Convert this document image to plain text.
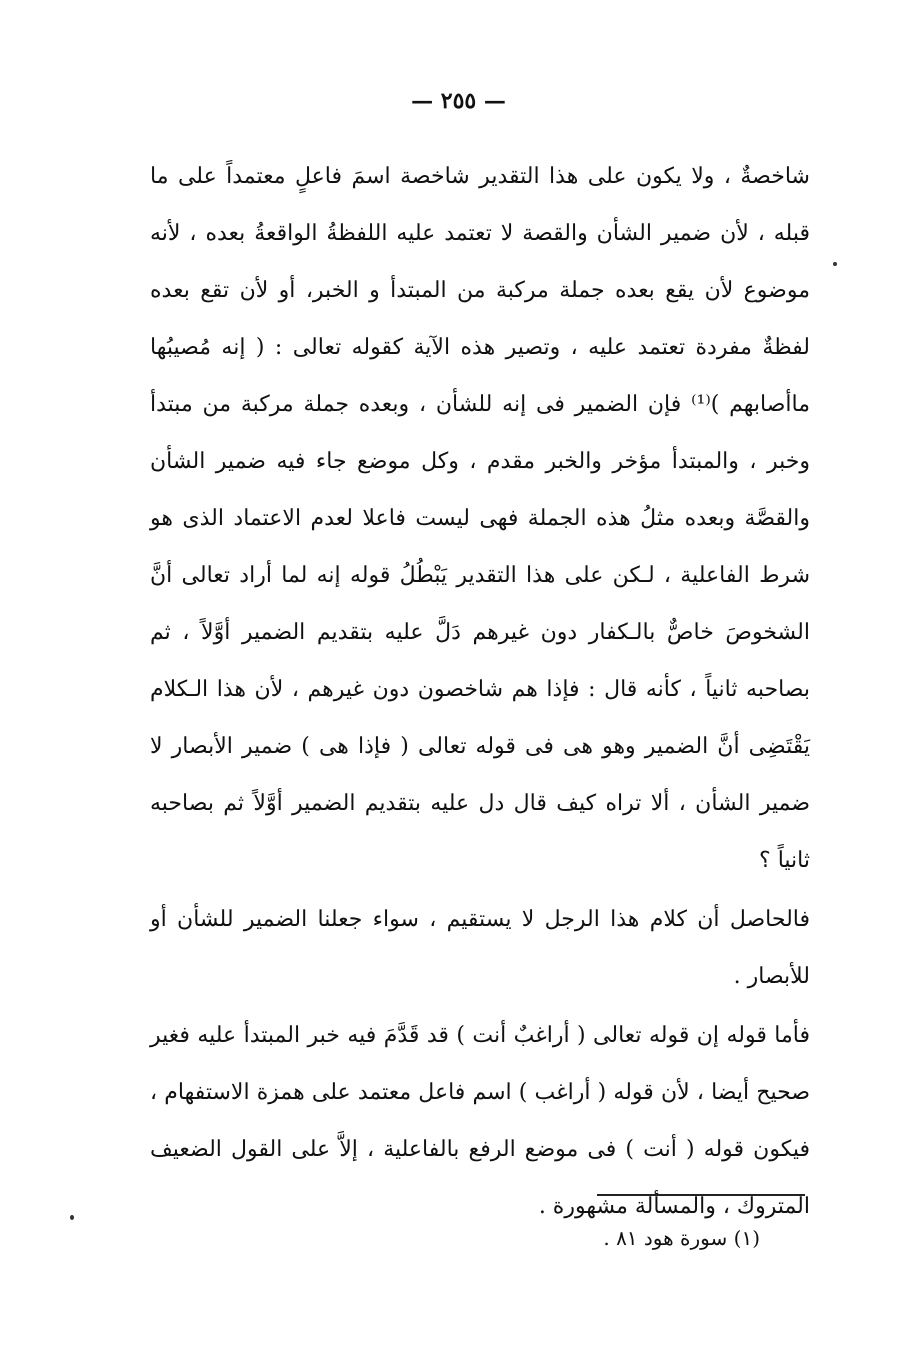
— ٢٥٥ —

شاخصةٌ ، ولا يكون على هذا التقدير شاخصة اسمَ فاعلٍ معتمداً على ما قبله ، لأن ضمير الشأن والقصة لا تعتمد عليه اللفظةُ الواقعةُ بعده ، لأنه موضوع لأن يقع بعده جملة مركبة من المبتدأ و الخبر، أو لأن تقع بعده لفظةٌ مفردة تعتمد عليه ، وتصير هذه الآية كقوله تعالى : ( إنه مُصيبُها ماأصابهم )⁽¹⁾ فإن الضمير فى إنه للشأن ، وبعده جملة مركبة من مبتدأ وخبر ، والمبتدأ مؤخر والخبر مقدم ، وكل موضع جاء فيه ضمير الشأن والقصَّة وبعده مثلُ هذه الجملة فهى ليست فاعلا لعدم الاعتماد الذى هو شرط الفاعلية ، لـكن على هذا التقدير يَبْطُلُ قوله إنه لما أراد تعالى أنَّ الشخوصَ خاصٌّ بالـكفار دون غيرهم دَلَّ عليه بتقديم الضمير أوَّلاً ، ثم بصاحبه ثانياً ، كأنه قال : فإذا هم شاخصون دون غيرهم ، لأن هذا الـكلام يَقْتَضِى أنَّ الضمير وهو هى فى قوله تعالى ( فإذا هى ) ضمير الأبصار لا ضمير الشأن ، ألا تراه كيف قال دل عليه بتقديم الضمير أوَّلاً ثم بصاحبه ثانياً ؟

فالحاصل أن كلام هذا الرجل لا يستقيم ، سواء جعلنا الضمير للشأن أو للأبصار .

فأما قوله إن قوله تعالى ( أراغبٌ أنت ) قد قَدَّمَ فيه خبر المبتدأ عليه فغير صحيح أيضا ، لأن قوله ( أراغب ) اسم فاعل معتمد على همزة الاستفهام ، فيكون قوله ( أنت ) فى موضع الرفع بالفاعلية ، إلاَّ على القول الضعيف المتروك ، والمسألة مشهورة .

(١) سورة هود ٨١ .
